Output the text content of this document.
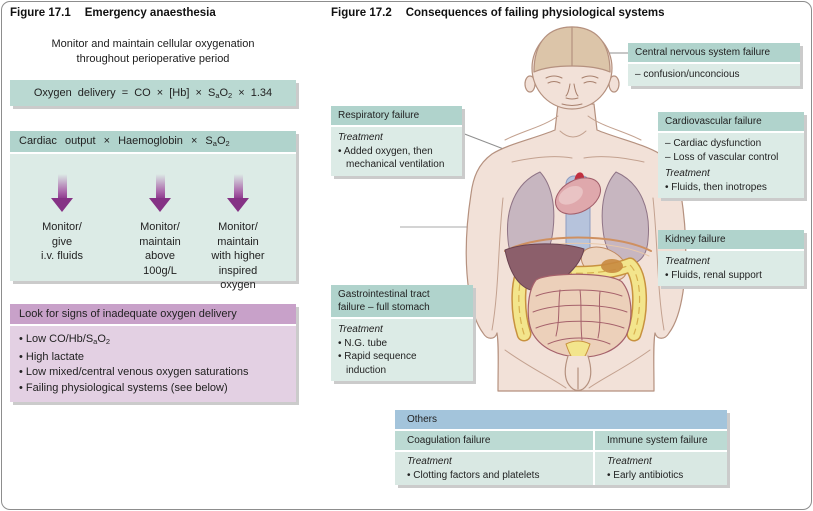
Figure 17.1 Emergency anaesthesia
Monitor and maintain cellular oxygenation
throughout perioperative period
Oxygen delivery = CO × $[Hb] \times S_aO_2 \times 1.34$
Cardiac output × Haemoglobin × $S_aO_2$
Monitor/
give
i.v. fluids
Monitor/
maintain
above
100g/L
Monitor/
maintain
with higher
inspired
oxygen
Look for signs of inadequate oxygen delivery
• Low $CO/Hb/S_aO_2$
• High lactate
• Low mixed/central venous oxygen saturations
• Failing physiological systems (see below)
Figure 17.2 Consequences of failing physiological systems
Central nervous system failure
– confusion/unconcious
Respiratory failure
Treatment
• Added oxygen, then
mechanical ventilation
Cardiovascular failure
– Cardiac dysfunction
– Loss of vascular control
Treatment
• Fluids, then inotropes
Kidney failure
Treatment
• Fluids, renal support
Gastrointestinal tract
failure – full stomach
Treatment
• N.G. tube
• Rapid sequence
induction
Others
Coagulation failure	Immune system failure
Treatment
• Clotting factors and platelets
Treatment
• Early antibiotics
